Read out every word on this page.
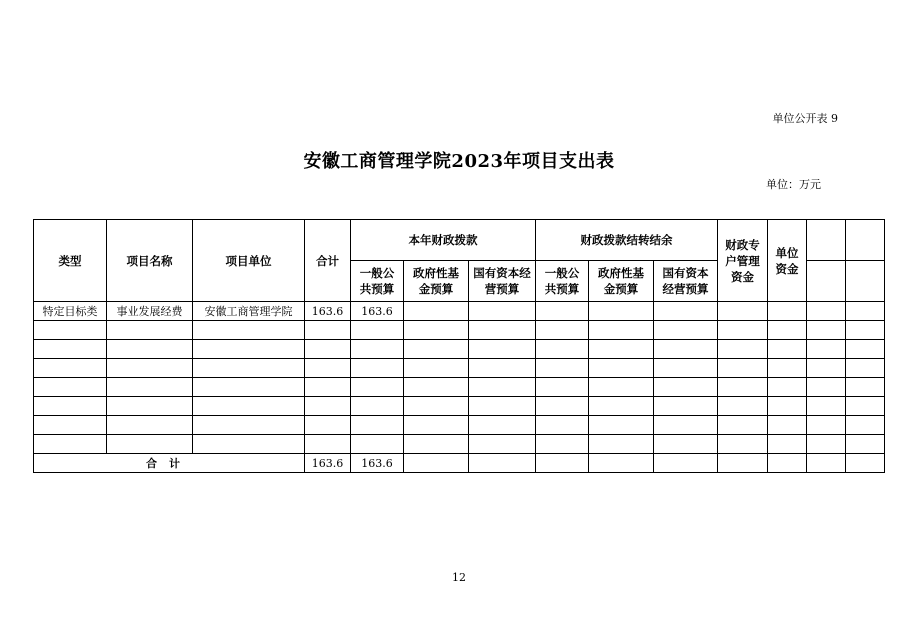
单位公开表 9
安徽工商管理学院2023年项目支出表
单位：万元
类型	项目名称	项目单位	合计	本年财政拨款			财政拨款结转结余			财政专户管理资金	单位资金		
				一般公共预算	政府性基金预算	国有资本经营预算	一般公共预算	政府性基金预算	国有资本经营预算				
特定目标类	事业发展经费	安徽工商管理学院	163.6	163.6									

合计			163.6	163.6									
12
